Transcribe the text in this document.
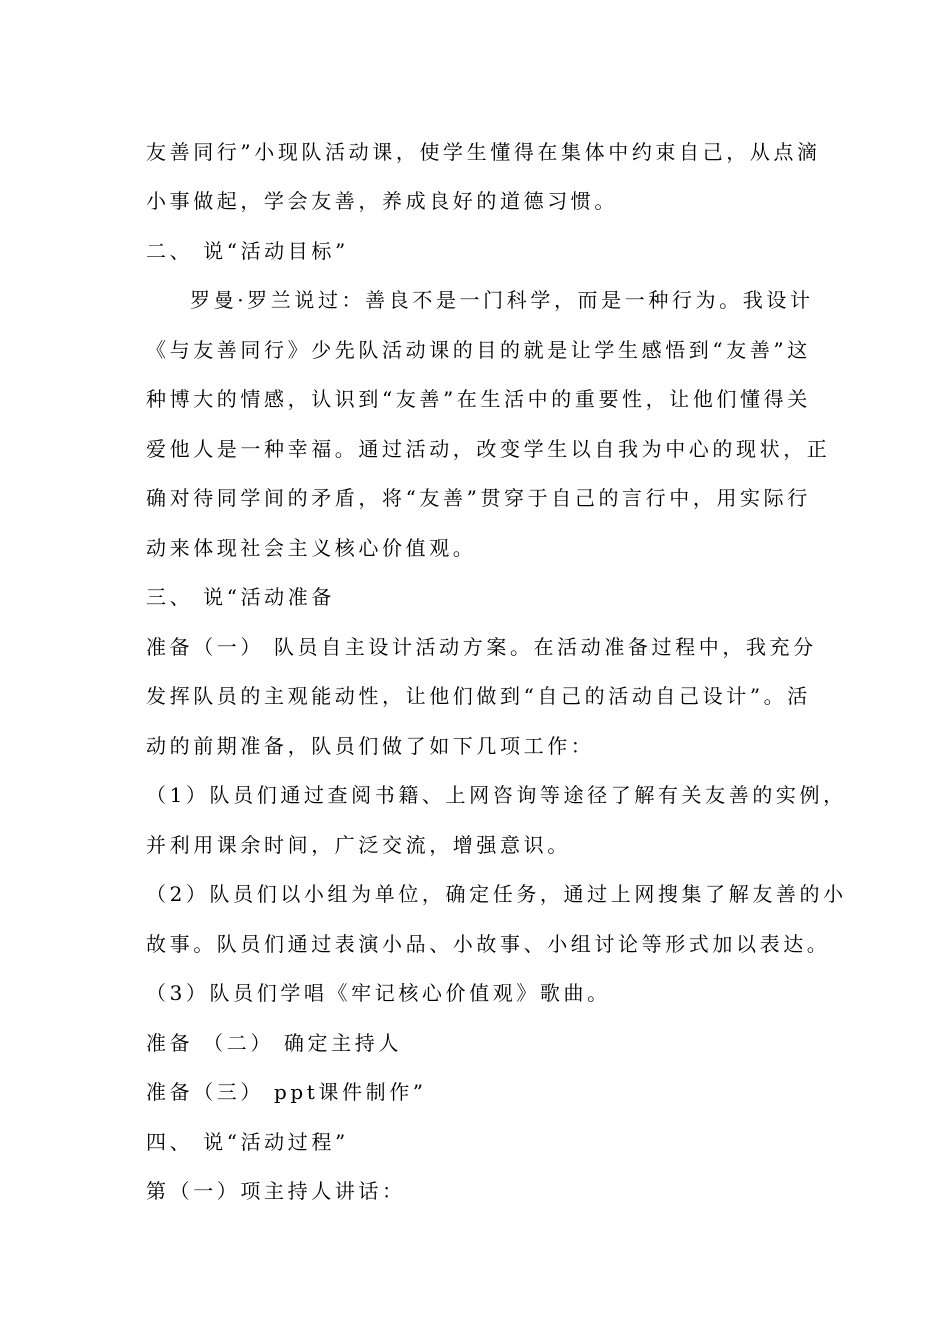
友善同行”小现队活动课，使学生懂得在集体中约束自己，从点滴

小事做起，学会友善，养成良好的道德习惯。

二、 说“活动目标”

罗曼·罗兰说过：善良不是一门科学，而是一种行为。我设计

《与友善同行》少先队活动课的目的就是让学生感悟到“友善”这

种博大的情感，认识到“友善”在生活中的重要性，让他们懂得关

爱他人是一种幸福。通过活动，改变学生以自我为中心的现状，正

确对待同学间的矛盾，将“友善”贯穿于自己的言行中，用实际行

动来体现社会主义核心价值观。

三、 说“活动准备

准备（一） 队员自主设计活动方案。在活动准备过程中，我充分

发挥队员的主观能动性，让他们做到“自己的活动自己设计”。活

动的前期准备，队员们做了如下几项工作：

（1）队员们通过查阅书籍、上网咨询等途径了解有关友善的实例，

并利用课余时间，广泛交流，增强意识。

（2）队员们以小组为单位，确定任务，通过上网搜集了解友善的小

故事。队员们通过表演小品、小故事、小组讨论等形式加以表达。

（3）队员们学唱《牢记核心价值观》歌曲。

准备 （二） 确定主持人

准备（三） ppt课件制作”

四、 说“活动过程”

第（一）项主持人讲话：
